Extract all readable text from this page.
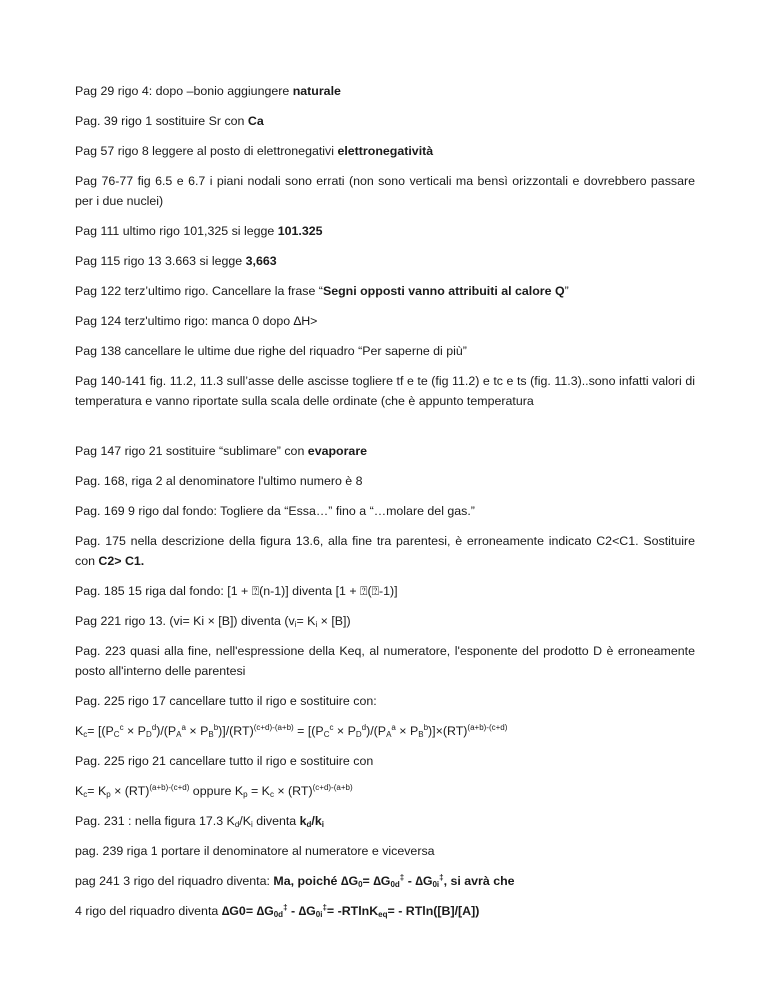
Pag 29 rigo 4: dopo –bonio aggiungere naturale

Pag. 39 rigo 1 sostituire Sr con Ca

Pag 57 rigo 8 leggere al posto di elettronegativi elettronegatività

Pag 76-77 fig 6.5 e 6.7 i piani nodali sono errati (non sono verticali ma bensì orizzontali e dovrebbero passare per i due nuclei)

Pag 111 ultimo rigo 101,325 si legge 101.325

Pag 115 rigo 13 3.663 si legge 3,663

Pag 122 terz’ultimo rigo. Cancellare la frase “Segni opposti vanno attribuiti al calore Q”

Pag 124 terz'ultimo rigo: manca 0 dopo ∆H>

Pag 138 cancellare le ultime due righe del riquadro “Per saperne di più”

Pag 140-141 fig. 11.2, 11.3 sull’asse delle ascisse togliere tf e te (fig 11.2) e tc e ts (fig. 11.3)..sono infatti valori di temperatura e vanno riportate sulla scala delle ordinate (che è appunto temperatura

Pag 147 rigo 21 sostituire “sublimare” con evaporare

Pag. 168, riga 2 al denominatore l'ultimo numero è 8

Pag. 169 9 rigo dal fondo: Togliere da “Essa…” fino a “…molare del gas.”

Pag. 175 nella descrizione della figura 13.6, alla fine tra parentesi, è erroneamente indicato C2<C1. Sostituire con C2> C1.

Pag. 185 15 riga dal fondo: [1 + ⍰(n-1)] diventa [1 + ⍰(⍰-1)]

Pag 221 rigo 13. (vi= Ki × [B]) diventa $(v_i= K_i \times [B])$

Pag. 223 quasi alla fine, nell'espressione della Keq, al numeratore, l'esponente del prodotto D è erroneamente posto all'interno delle parentesi

Pag. 225 rigo 17 cancellare tutto il rigo e sostituire con:

$K_c= [(P_C^c \times P_D^d)/(P_A^a \times P_B^b)]/(RT)^{(c+d)-(a+b)} = [(P_C^c \times P_D^d)/(P_A^a \times P_B^b)]\times(RT)^{(a+b)-(c+d)}$

Pag. 225 rigo 21 cancellare tutto il rigo e sostituire con

$K_c= K_p \times (RT)^{(a+b)-(c+d)}$ oppure $K_p = K_c \times (RT)^{(c+d)-(a+b)}$

Pag. 231 : nella figura 17.3 $K_d/K_i$ diventa $k_d/k_i$

pag. 239 riga 1 portare il denominatore al numeratore e viceversa

pag 241 3 rigo del riquadro diventa: Ma, poiché $\Delta G_0= \Delta G_{0d}^\ddagger - \Delta G_{0i}^\ddagger$, si avrà che

4 rigo del riquadro diventa $\Delta G0= \Delta G_{0d}^\ddagger - \Delta G_{0i}^\ddagger= -RTlnK_{eq}= - RTln([B]/[A])$
